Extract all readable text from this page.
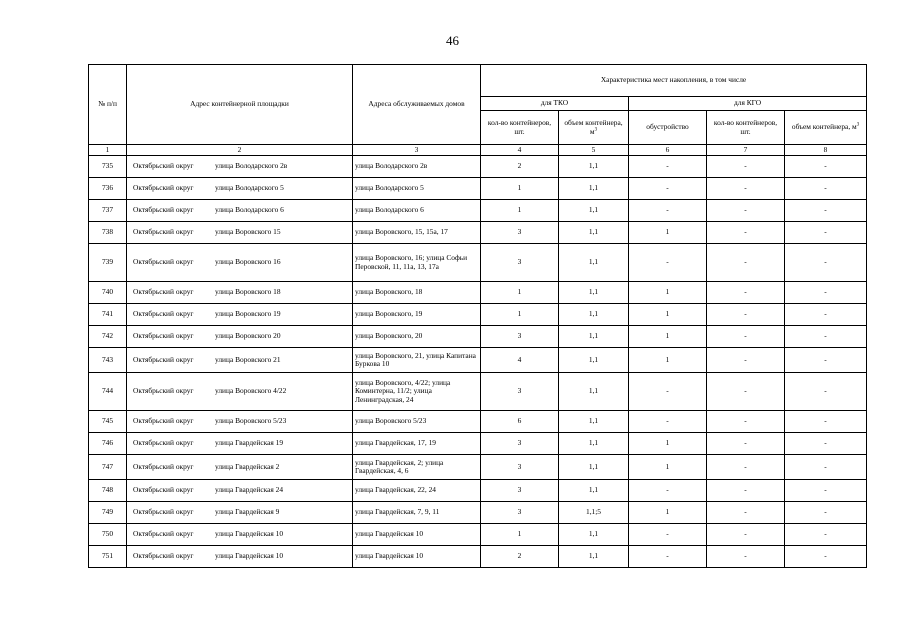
46
№ п/п	Адрес контейнерной площадки	Адреса обслуживаемых домов	Характеристика мест накопления, в том числе				
			для ТКО		для КГО		
			кол-во контейнеров, шт.	объем контейнера, $м^3$	обустройство	кол-во контейнеров, шт.	объем контейнера, $м^3$
1	2	3	4	5	6	7	8
735	Октябрьский округ улица Володарского 2в	улица Володарского 2в	2	1,1	-	-	-
736	Октябрьский округ улица Володарского 5	улица Володарского 5	1	1,1	-	-	-
737	Октябрьский округ улица Володарского 6	улица Володарского 6	1	1,1	-	-	-
738	Октябрьский округ улица Воровского 15	улица Воровского, 15, 15а, 17	3	1,1	1	-	-
739	Октябрьский округ улица Воровского 16	улица Воровского, 16; улица Софьи Перовской, 11, 11а, 13, 17а	3	1,1	-	-	-
740	Октябрьский округ улица Воровского 18	улица Воровского, 18	1	1,1	1	-	-
741	Октябрьский округ улица Воровского 19	улица Воровского, 19	1	1,1	1	-	-
742	Октябрьский округ улица Воровского 20	улица Воровского, 20	3	1,1	1	-	-
743	Октябрьский округ улица Воровского 21	улица Воровского, 21, улица Капитана Буркова 10	4	1,1	1	-	-
744	Октябрьский округ улица Воровского 4/22	улица Воровского, 4/22; улица Коминтерна, 11/2; улица Ленинградская, 24	3	1,1	-	-	-
745	Октябрьский округ улица Воровского 5/23	улица Воровского 5/23	6	1,1	-	-	-
746	Октябрьский округ улица Гвардейская 19	улица Гвардейская, 17, 19	3	1,1	1	-	-
747	Октябрьский округ улица Гвардейская 2	улица Гвардейская, 2; улица Гвардейская, 4, 6	3	1,1	1	-	-
748	Октябрьский округ улица Гвардейская 24	улица Гвардейская, 22, 24	3	1,1	-	-	-
749	Октябрьский округ улица Гвардейская 9	улица Гвардейская, 7, 9, 11	3	1,1;5	1	-	-
750	Октябрьский округ улица Гвардейская 10	улица Гвардейская 10	1	1,1	-	-	-
751	Октябрьский округ улица Гвардейская 10	улица Гвардейская 10	2	1,1	-	-	-
